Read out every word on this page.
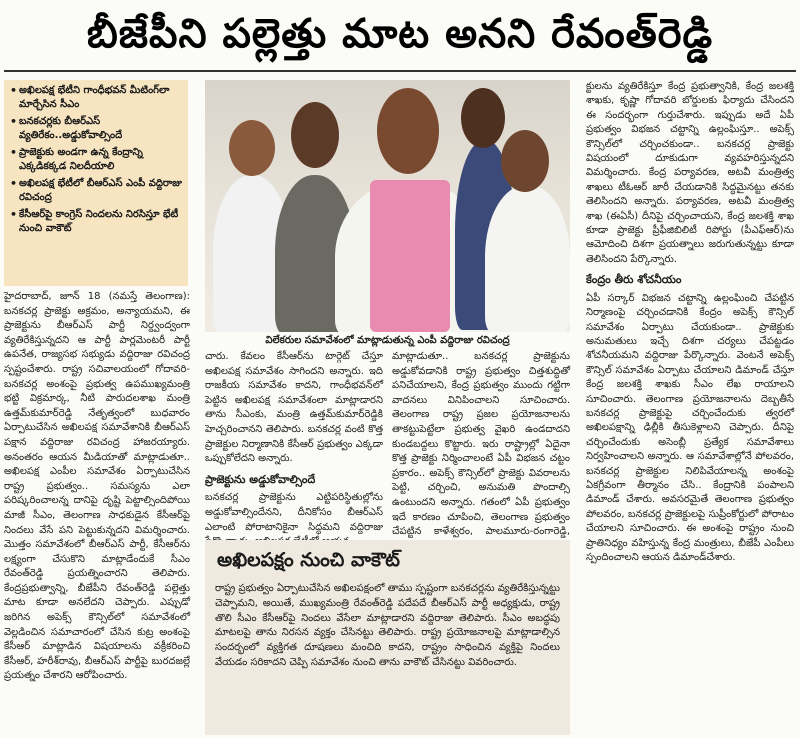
బీజేపీని పల్లెత్తు మాట అనని రేవంత్‌రెడ్డి
• అఖిలపక్ష భేటీని గాంధీభవన్ మీటింగ్‌లా మార్చేసిన సీఎం
• బనకచర్లకు బీఆర్‌ఎస్ వ్యతిరేకం..అడ్డుకోవాల్సిందే
• ప్రాజెక్టుకు అండగా ఉన్న కేంద్రాన్ని ఎక్కడికక్కడ నిలదీయాలి
• అఖిలపక్ష భేటీలో బీఆర్‌ఎస్ ఎంపీ వద్దిరాజు రవిచంద్ర
• కేసీఆర్‌పై కాంగ్రెస్ నిందలను నిరసిస్తూ భేటీ నుంచి వాకౌట్
విలేకరుల సమావేశంలో మాట్లాడుతున్న ఎంపీ వద్దిరాజు రవిచంద్ర
హైదరాబాద్, జూన్ 18 (నమస్తే తెలంగాణ): బనకచర్ల ప్రాజెక్టు అక్రమం, అన్యాయమని, ఈ ప్రాజెక్టును బీఆర్‌ఎస్ పార్టీ నిర్ద్వంద్వంగా వ్యతిరేకిస్తున్నదని ఆ పార్టీ పార్లమెంటరీ పార్టీ ఉపనేత, రాజ్యసభ సభ్యుడు వద్దిరాజు రవిచంద్ర స్పష్టంచేశారు. రాష్ట్ర సచివాలయంలో గోదావరి-బనకచర్ల అంశంపై ప్రభుత్వ ఉపముఖ్యమంత్రి భట్టి విక్రమార్క, నీటి పారుదలశాఖ మంత్రి ఉత్తమ్‌కుమార్‌రెడ్డి నేతృత్వంలో బుధవారం ఏర్పాటుచేసిన అఖిలపక్ష సమావేశానికి బీఆర్‌ఎస్ పక్షాన వద్దిరాజు రవిచంద్ర హాజరయ్యారు. అనంతరం ఆయన మీడియాతో మాట్లాడుతూ.. అఖిలపక్ష ఎంపీల సమావేశం ఏర్పాటుచేసిన రాష్ట్ర ప్రభుత్వం.. సమస్యను ఎలా పరిష్కరించాలన్న దానిపై దృష్టి పెట్టాల్సిందిపోయి మాజీ సీఎం, తెలంగాణ సాధకుడైన కేసీఆర్‌పై నిందలు వేసే పని పెట్టుకున్నదని విమర్శించారు. మొత్తం సమావేశంలో బీఆర్‌ఎస్ పార్టీ, కేసీఆర్‌ను లక్ష్యంగా చేసుకొని మాట్లాడేందుకే సీఎం రేవంత్‌రెడ్డి ప్రయత్నించారని తెలిపారు. కేంద్రప్రభుత్వాన్ని, బీజేపీని రేవంత్‌రెడ్డి పల్లెత్తు మాట కూడా అనలేదని చెప్పారు. ఎప్పుడో జరిగిన అపెక్స్ కౌన్సిల్‌లో సమావేశంలో వెల్లడించిన సమాచారంలో చేసిన కుట్ర అంశంపై కేసీఆర్ మాట్లాడిన విషయాలను వక్రీకరించి కేసీఆర్, హరీశ్‌రావు, బీఆర్‌ఎస్ పార్టీపై బురదజల్లే ప్రయత్నం చేశారని ఆరోపించారు.
చారు. కేవలం కేసీఆర్‌ను టార్గెట్ చేస్తూ అఖిలపక్ష సమావేశం సాగిందని అన్నారు. ఇది రాజకీయ సమావేశం కాదని, గాంధీభవన్‌లో పెట్టిన అఖిలపక్ష సమావేశంలా మాట్లాడారని తాను సీఎంకు, మంత్రి ఉత్తమ్‌కుమార్‌రెడ్డికి హెచ్చరించానని తెలిపారు. బనకచర్ల వంటి కొత్త ప్రాజెక్టుల నిర్మాణానికి కేసీఆర్ ప్రభుత్వం ఎక్కడా ఒప్పుకోలేదని అన్నారు.
ప్రాజెక్టును అడ్డుకోవాల్సిందే
బనకచర్ల ప్రాజెక్టును ఎట్టిపరిస్థితుల్లోను అడ్డుకోవాల్సిందేనని, దీనికోసం బీఆర్‌ఎస్ ఎలాంటి పోరాటానికైనా సిద్ధమని వద్దిరాజు
మాట్లాడుతూ.. బనకచర్ల ప్రాజెక్టును అడ్డుకోవడానికి రాష్ట్ర ప్రభుత్వం చిత్తశుద్ధితో పనిచేయాలని, కేంద్ర ప్రభుత్వం ముందు గట్టిగా వాదనలు వినిపించాలని సూచించారు. తెలంగాణ రాష్ట్ర ప్రజల ప్రయోజనాలను తాకట్టుపెట్టేలా ప్రభుత్వ వైఖరి ఉండదాదని కుండబద్దలు కొట్టారు. ఇరు రాష్ట్రాల్లో ఏదైనా కొత్త ప్రాజెక్టు నిర్మించాలంటే ఏపీ విభజన చట్టం ప్రకారం.. అపెక్స్ కౌన్సిల్‌లో ప్రాజెక్టు వివరాలను పెట్టి, చర్చించి, అనుమతి పొందాల్సి ఉంటుందని అన్నారు. గతంలో ఏపీ ప్రభుత్వం ఇదే కారణం చూపించి, తెలంగాణ ప్రభుత్వం చేపట్టిన కాళేశ్వరం, పాలమూరు-రంగారెడ్డి,
అఖిలపక్షం నుంచి వాకౌట్
రాష్ట్ర ప్రభుత్వం ఏర్పాటుచేసిన అఖిలపక్షంలో తాము స్పష్టంగా బనకచర్లను వ్యతిరేకిస్తున్నట్టు చెప్పామని, అయితే, ముఖ్యమంత్రి రేవంత్‌రెడ్డి పదేపదే బీఆర్‌ఎస్ పార్టీ అధ్యక్షుడు, రాష్ట్ర తొలి సీఎం కేసీఆర్‌పై నిందలు వేసేలా మాట్లాడారని వద్దిరాజు తెలిపారు. సీఎం అబద్ధపు మాటలపై తాను నిరసన వ్యక్తం చేసినట్టు తెలిపారు. రాష్ట్ర ప్రయోజనాలపై మాట్లాడాల్సిన సందర్భంలో వ్యక్తిగత దూషణలు మంచిది కాదని, రాష్ట్రం సాధించిన వ్యక్తిపై నిందలు వేయడం సరికాదని చెప్పి సమావేశం నుంచి తాను వాకౌట్ చేసినట్టు వివరించారు.
క్టులను వ్యతిరేకిస్తూ కేంద్ర ప్రభుత్వానికి, కేంద్ర జలశక్తి శాఖకు, కృష్ణా గోదావరి బోర్డులకు ఫిర్యాదు చేసిందని ఈ సందర్భంగా గుర్తుచేశారు. ఇప్పుడు అదే ఏపీ ప్రభుత్వం విభజన చట్టాన్ని ఉల్లంఘిస్తూ.. అపెక్స్ కౌన్సిల్‌లో చర్చించకుండా.. బనకచర్ల ప్రాజెక్టు విషయంలో దూకుడుగా వ్యవహరిస్తున్నదని విమర్శించారు. కేంద్ర పర్యావరణ, అటవీ మంత్రిత్వ శాఖలు టీఓఆర్ జారీ చేయడానికి సిద్ధమైనట్టు తనకు తెలిసిందని అన్నారు. పర్యావరణ, అటవీ మంత్రిత్వ శాఖ (ఈఏసీ) దీనిపై చర్చించాయని, కేంద్ర జలశక్తి శాఖ కూడా ప్రాజెక్టు ప్రీఫీజిబిలిటీ రిపోర్టు (పీఎఫ్‌ఆర్)ను ఆమోదించి దిశగా ప్రయత్నాలు జరుగుతున్నట్టు కూడా తెలిసిందని పేర్కొన్నారు.
కేంద్రం తీరు శోచనీయం
ఏపీ సర్కార్ విభజన చట్టాన్ని ఉల్లంఘించి చేపట్టిన నిర్మాణంపై చర్చించడానికి కేంద్రం అపెక్స్ కౌన్సిల్ సమావేశం ఏర్పాటు చేయకుండా.. ప్రాజెక్టుకు అనుమతులు ఇచ్చే దిశగా చర్యలు చేపట్టడం శోచనీయమని వద్దిరాజు పేర్కొన్నారు. వెంటనే అపెక్స్ కౌన్సిల్ సమావేశం ఏర్పాటు చేయాలని డిమాండ్ చేస్తూ కేంద్ర జలశక్తి శాఖకు సీఎం లేఖ రాయాలని సూచించారు. తెలంగాణ ప్రయోజనాలను దెబ్బతీసే బనకచర్ల ప్రాజెక్టుపై చర్చించేందుకు త్వరలో అఖిలపక్షాన్ని ఢిల్లీకి తీసుకెళ్లాలని చెప్పారు. దీనిపై చర్చించేందుకు అసెంబ్లీ ప్రత్యేక సమావేశాలు నిర్వహించాలని అన్నారు. ఆ సమావేశాల్లోనే పోలవరం, బనకచర్ల ప్రాజెక్టుల నిలిపివేయాలన్న అంశంపై ఏకగ్రీవంగా తీర్మానం చేసి.. కేంద్రానికి పంపాలని డిమాండ్ చేశారు. అవసరమైతే తెలంగాణ ప్రభుత్వం పోలవరం, బనకచర్ల ప్రాజెక్టులపై సుప్రీంకోర్టులో పోరాటం చేయాలని సూచించారు. ఈ అంశంపై రాష్ట్రం నుంచి ప్రాతినిధ్యం వహిస్తున్న కేంద్ర మంత్రులు, బీజేపీ ఎంపీలు స్పందించాలని ఆయన డిమాండ్‌చేశారు.
